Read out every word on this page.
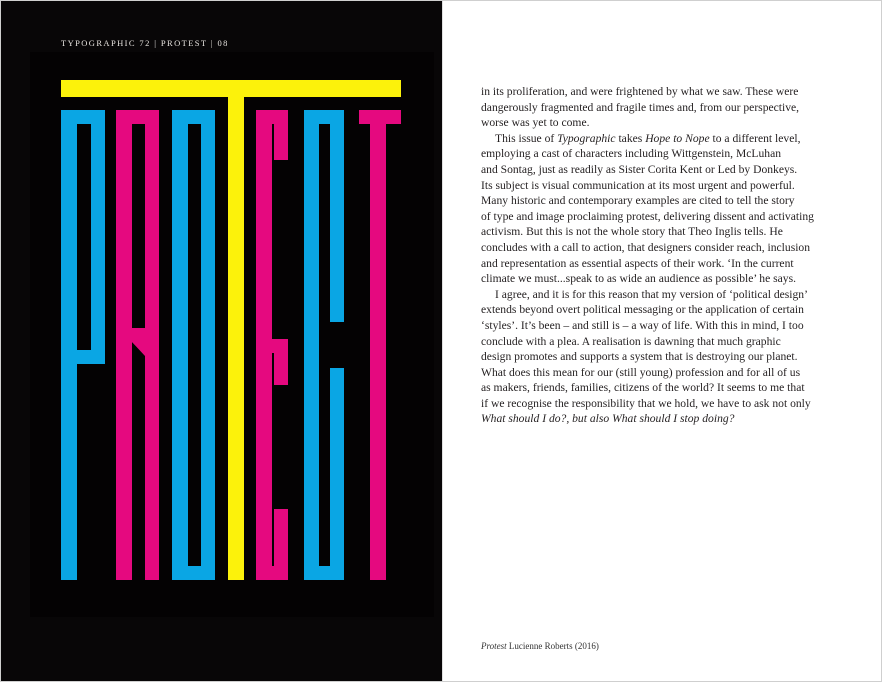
TYPOGRAPHIC 72 | PROTEST | 08
in its proliferation, and were frightened by what we saw. These were
dangerously fragmented and fragile times and, from our perspective,
worse was yet to come.
This issue of Typographic takes Hope to Nope to a different level,
employing a cast of characters including Wittgenstein, McLuhan
and Sontag, just as readily as Sister Corita Kent or Led by Donkeys.
Its subject is visual communication at its most urgent and powerful.
Many historic and contemporary examples are cited to tell the story
of type and image proclaiming protest, delivering dissent and activating
activism. But this is not the whole story that Theo Inglis tells. He
concludes with a call to action, that designers consider reach, inclusion
and representation as essential aspects of their work. ‘In the current
climate we must...speak to as wide an audience as possible’ he says.
I agree, and it is for this reason that my version of ‘political design’
extends beyond overt political messaging or the application of certain
‘styles’. It’s been – and still is – a way of life. With this in mind, I too
conclude with a plea. A realisation is dawning that much graphic
design promotes and supports a system that is destroying our planet.
What does this mean for our (still young) profession and for all of us
as makers, friends, families, citizens of the world? It seems to me that
if we recognise the responsibility that we hold, we have to ask not only
What should I do?, but also What should I stop doing?
Protest Lucienne Roberts (2016)
